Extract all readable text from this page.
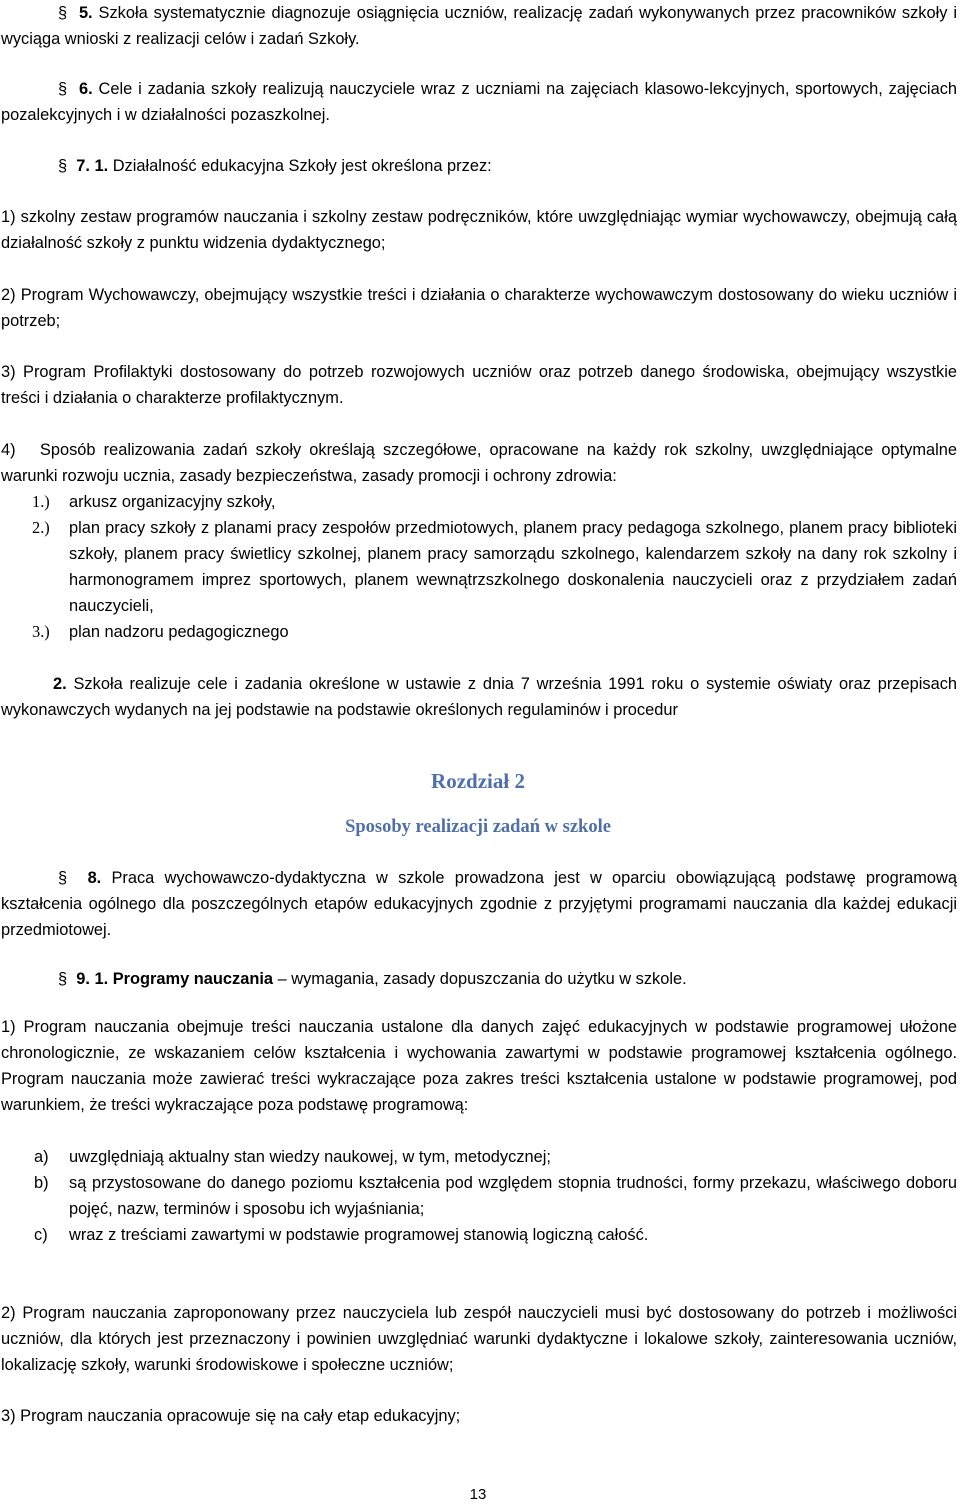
§ 5. Szkoła systematycznie diagnozuje osiągnięcia uczniów, realizację zadań wykonywanych przez pracowników szkoły i wyciąga wnioski z realizacji celów i zadań Szkoły.

§ 6. Cele i zadania szkoły realizują nauczyciele wraz z uczniami na zajęciach klasowo-lekcyjnych, sportowych, zajęciach pozalekcyjnych i w działalności pozaszkolnej.

§ 7. 1. Działalność edukacyjna Szkoły jest określona przez:

1) szkolny zestaw programów nauczania i szkolny zestaw podręczników, które uwzględniając wymiar wychowawczy, obejmują całą działalność szkoły z punktu widzenia dydaktycznego;

2) Program Wychowawczy, obejmujący wszystkie treści i działania o charakterze wychowawczym dostosowany do wieku uczniów i potrzeb;

3) Program Profilaktyki dostosowany do potrzeb rozwojowych uczniów oraz potrzeb danego środowiska, obejmujący wszystkie treści i działania o charakterze profilaktycznym.

4) Sposób realizowania zadań szkoły określają szczegółowe, opracowane na każdy rok szkolny, uwzględniające optymalne warunki rozwoju ucznia, zasady bezpieczeństwa, zasady promocji i ochrony zdrowia:

1.) arkusz organizacyjny szkoły,

2.) plan pracy szkoły z planami pracy zespołów przedmiotowych, planem pracy pedagoga szkolnego, planem pracy biblioteki szkoły, planem pracy świetlicy szkolnej, planem pracy samorządu szkolnego, kalendarzem szkoły na dany rok szkolny i harmonogramem imprez sportowych, planem wewnątrzszkolnego doskonalenia nauczycieli oraz z przydziałem zadań nauczycieli,

3.) plan nadzoru pedagogicznego

2. Szkoła realizuje cele i zadania określone w ustawie z dnia 7 września 1991 roku o systemie oświaty oraz przepisach wykonawczych wydanych na jej podstawie na podstawie określonych regulaminów i procedur

Rozdział 2
Sposoby realizacji zadań w szkole

§ 8. Praca wychowawczo-dydaktyczna w szkole prowadzona jest w oparciu obowiązującą podstawę programową kształcenia ogólnego dla poszczególnych etapów edukacyjnych zgodnie z przyjętymi programami nauczania dla każdej edukacji przedmiotowej.

§ 9. 1. Programy nauczania – wymagania, zasady dopuszczania do użytku w szkole.

1) Program nauczania obejmuje treści nauczania ustalone dla danych zajęć edukacyjnych w podstawie programowej ułożone chronologicznie, ze wskazaniem celów kształcenia i wychowania zawartymi w podstawie programowej kształcenia ogólnego. Program nauczania może zawierać treści wykraczające poza zakres treści kształcenia ustalone w podstawie programowej, pod warunkiem, że treści wykraczające poza podstawę programową:

a) uwzględniają aktualny stan wiedzy naukowej, w tym, metodycznej;

b) są przystosowane do danego poziomu kształcenia pod względem stopnia trudności, formy przekazu, właściwego doboru pojęć, nazw, terminów i sposobu ich wyjaśniania;

c) wraz z treściami zawartymi w podstawie programowej stanowią logiczną całość.

2) Program nauczania zaproponowany przez nauczyciela lub zespół nauczycieli musi być dostosowany do potrzeb i możliwości uczniów, dla których jest przeznaczony i powinien uwzględniać warunki dydaktyczne i lokalowe szkoły, zainteresowania uczniów, lokalizację szkoły, warunki środowiskowe i społeczne uczniów;

3) Program nauczania opracowuje się na cały etap edukacyjny;

13
